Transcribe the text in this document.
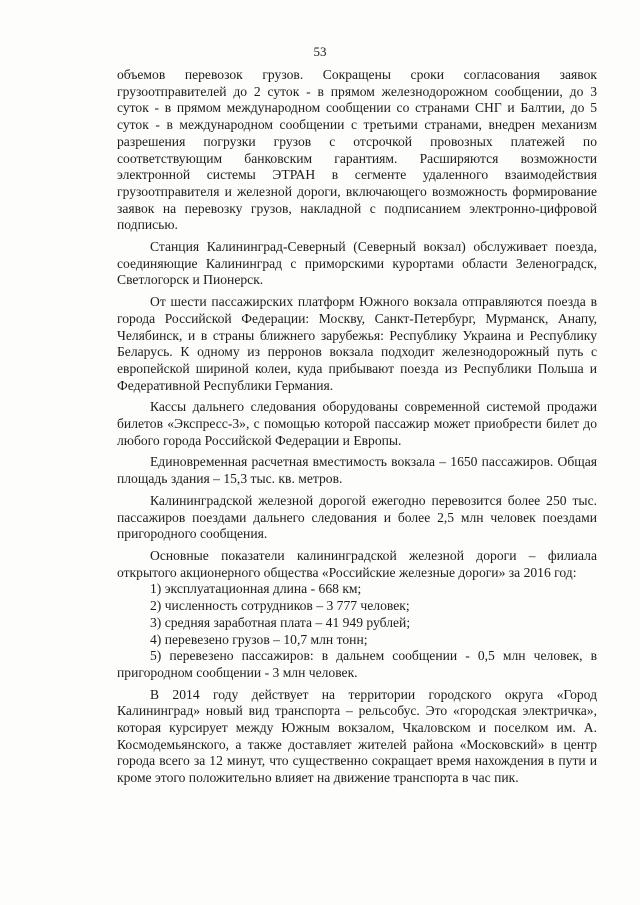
53

объемов перевозок грузов. Сокращены сроки согласования заявок грузоотправителей до 2 суток - в прямом железнодорожном сообщении, до 3 суток - в прямом международном сообщении со странами СНГ и Балтии, до 5 суток - в международном сообщении с третьими странами, внедрен механизм разрешения погрузки грузов с отсрочкой провозных платежей по соответствующим банковским гарантиям. Расширяются возможности электронной системы ЭТРАН в сегменте удаленного взаимодействия грузоотправителя и железной дороги, включающего возможность формирование заявок на перевозку грузов, накладной с подписанием электронно-цифровой подписью.

Станция Калининград-Северный (Северный вокзал) обслуживает поезда, соединяющие Калининград с приморскими курортами области Зеленоградск, Светлогорск и Пионерск.

От шести пассажирских платформ Южного вокзала отправляются поезда в города Российской Федерации: Москву, Санкт-Петербург, Мурманск, Анапу, Челябинск, и в страны ближнего зарубежья: Республику Украина и Республику Беларусь. К одному из перронов вокзала подходит железнодорожный путь с европейской шириной колеи, куда прибывают поезда из Республики Польша и Федеративной Республики Германия.

Кассы дальнего следования оборудованы современной системой продажи билетов «Экспресс-3», с помощью которой пассажир может приобрести билет до любого города Российской Федерации и Европы.

Единовременная расчетная вместимость вокзала – 1650 пассажиров. Общая площадь здания – 15,3 тыс. кв. метров.

Калининградской железной дорогой ежегодно перевозится более 250 тыс. пассажиров поездами дальнего следования и более 2,5 млн человек поездами пригородного сообщения.

Основные показатели калининградской железной дороги – филиала открытого акционерного общества «Российские железные дороги» за 2016 год:

1) эксплуатационная длина - 668 км;

2) численность сотрудников – 3 777 человек;

3) средняя заработная плата – 41 949 рублей;

4) перевезено грузов – 10,7 млн тонн;

5) перевезено пассажиров: в дальнем сообщении - 0,5 млн человек, в пригородном сообщении - 3 млн человек.

В 2014 году действует на территории городского округа «Город Калининград» новый вид транспорта – рельсобус. Это «городская электричка», которая курсирует между Южным вокзалом, Чкаловском и поселком им. А. Космодемьянского, а также доставляет жителей района «Московский» в центр города всего за 12 минут, что существенно сокращает время нахождения в пути и кроме этого положительно влияет на движение транспорта в час пик.
